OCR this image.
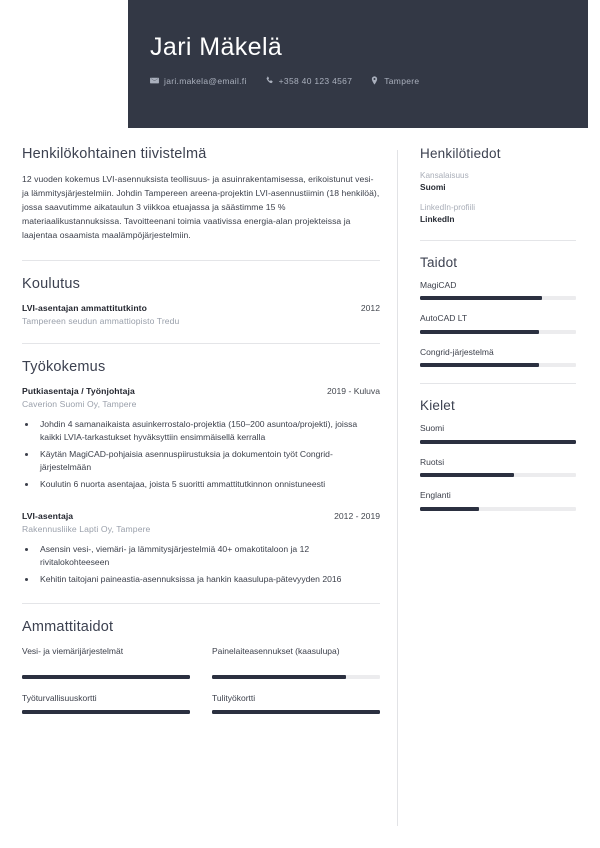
Jari Mäkelä
jari.makela@email.fi	+358 40 123 4567	Tampere
Henkilökohtainen tiivistelmä

12 vuoden kokemus LVI-asennuksista teollisuus- ja asuinrakentamisessa, erikoistunut vesi- ja lämmitysjärjestelmiin. Johdin Tampereen areena-projektin LVI-asennustiimin (18 henkilöä), jossa saavutimme aikataulun 3 viikkoa etuajassa ja säästimme 15 % materiaalikustannuksissa. Tavoitteenani toimia vaativissa energia-alan projekteissa ja laajentaa osaamista maalämpöjärjestelmiin.

Koulutus
LVI-asentajan ammattitutkinto	2012
Tampereen seudun ammattiopisto Tredu
Työkokemus
Putkiasentaja / Työnjohtaja	2019 - Kuluva
Caverion Suomi Oy, Tampere
• Johdin 4 samanaikaista asuinkerrostalo-projektia (150–200 asuntoa/projekti), joissa kaikki LVIA-tarkastukset hyväksyttiin ensimmäisellä kerralla
• Käytän MagiCAD-pohjaisia asennuspiirustuksia ja dokumentoin työt Congrid-järjestelmään
• Koulutin 6 nuorta asentajaa, joista 5 suoritti ammattitutkinnon onnistuneesti
LVI-asentaja	2012 - 2019
Rakennusliike Lapti Oy, Tampere
• Asensin vesi-, viemäri- ja lämmitysjärjestelmiä 40+ omakotitaloon ja 12 rivitalokohteeseen
• Kehitin taitojani paineastia-asennuksissa ja hankin kaasulupa-pätevyyden 2016
Ammattitaidot
Vesi- ja viemärijärjestelmät	Painelaiteasennukset (kaasulupa)
Työturvallisuuskortti	Tulityökortti
Henkilötiedot
Kansalaisuus
Suomi
LinkedIn-profiili
LinkedIn
Taidot
MagiCAD
AutoCAD LT
Congrid-järjestelmä
Kielet
Suomi
Ruotsi
Englanti
